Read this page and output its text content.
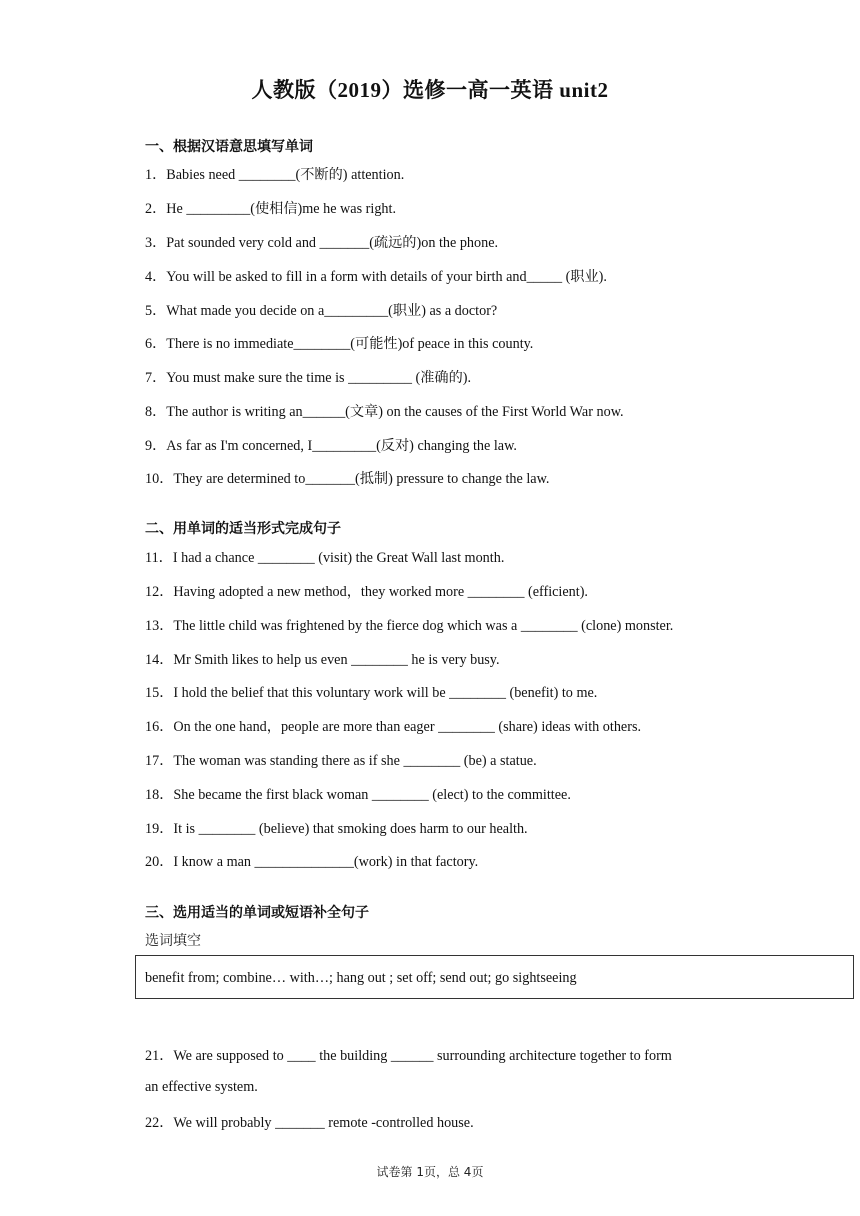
人教版（2019）选修一高一英语 unit2
一、根据汉语意思填写单词
1．Babies need ________(不断的) attention.
2．He _________(使相信)me he was right.
3．Pat sounded very cold and _______(疏远的)on the phone.
4．You will be asked to fill in a form with details of your birth and_____ (职业).
5．What made you decide on a_________(职业) as a doctor?
6．There is no immediate________(可能性)of peace in this county.
7．You must make sure the time is _________ (准确的).
8．The author is writing an______(文章) on the causes of the First World War now.
9．As far as I'm concerned, I_________(反对) changing the law.
10．They are determined to_______(抵制) pressure to change the law.
二、用单词的适当形式完成句子
11．I had a chance ________ (visit) the Great Wall last month.
12．Having adopted a new method，they worked more ________ (efficient).
13．The little child was frightened by the fierce dog which was a ________ (clone) monster.
14．Mr Smith likes to help us even ________ he is very busy.
15．I hold the belief that this voluntary work will be ________ (benefit) to me.
16．On the one hand，people are more than eager ________ (share) ideas with others.
17．The woman was standing there as if she ________ (be) a statue.
18．She became the first black woman ________ (elect) to the committee.
19．It is ________ (believe) that smoking does harm to our health.
20．I know a man ______________(work) in that factory.
三、选用适当的单词或短语补全句子
选词填空
benefit from; combine… with…; hang out ; set off; send out; go sightseeing
21．We are supposed to ____ the building ______ surrounding architecture together to form
an effective system.
22．We will probably _______ remote -controlled house.
试卷第 1页，总 4页
